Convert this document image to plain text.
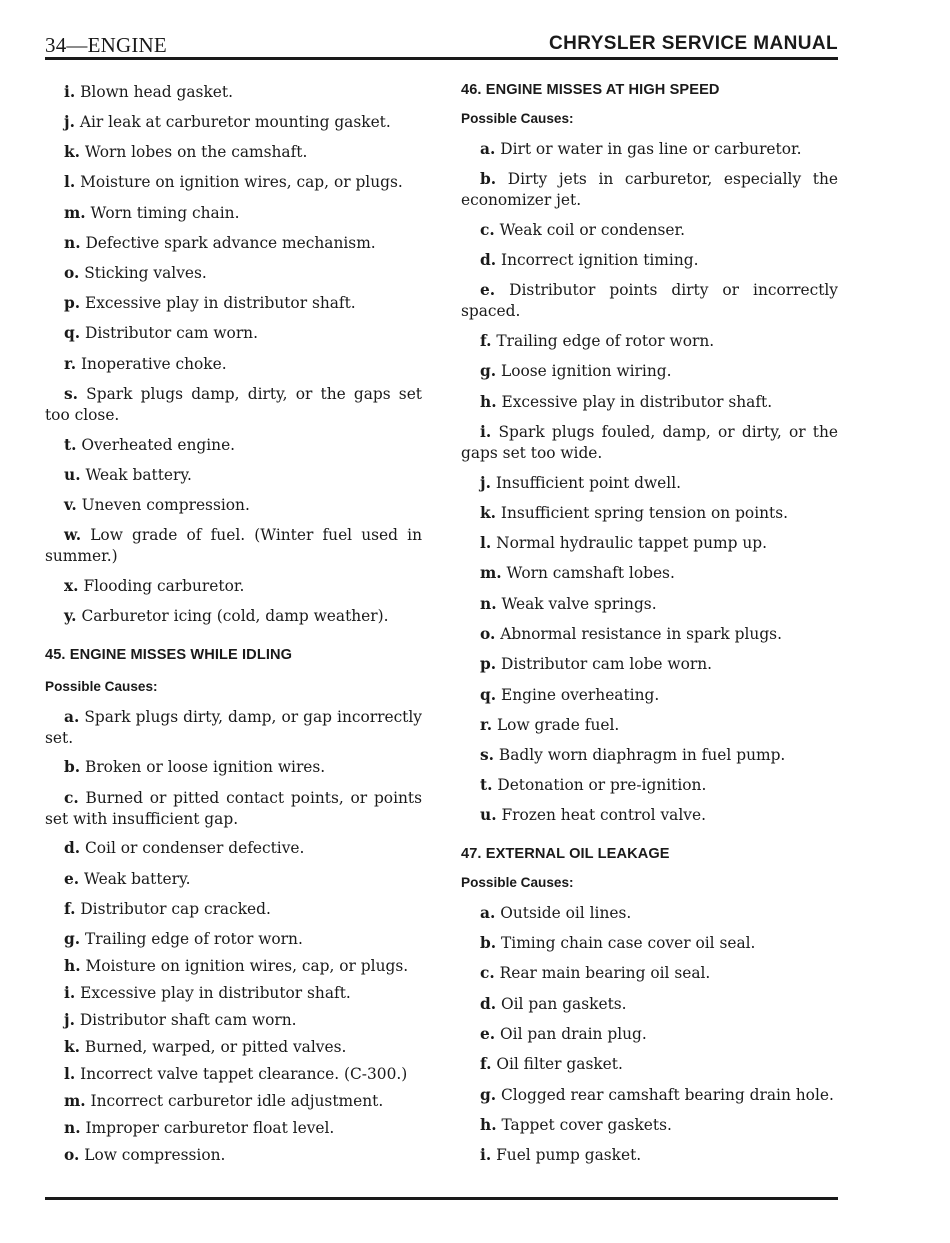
34—ENGINE	CHRYSLER SERVICE MANUAL
i. Blown head gasket.
j. Air leak at carburetor mounting gasket.
k. Worn lobes on the camshaft.
l. Moisture on ignition wires, cap, or plugs.
m. Worn timing chain.
n. Defective spark advance mechanism.
o. Sticking valves.
p. Excessive play in distributor shaft.
q. Distributor cam worn.
r. Inoperative choke.
s. Spark plugs damp, dirty, or the gaps set too close.
t. Overheated engine.
u. Weak battery.
v. Uneven compression.
w. Low grade of fuel. (Winter fuel used in summer.)
x. Flooding carburetor.
y. Carburetor icing (cold, damp weather).
45. ENGINE MISSES WHILE IDLING
Possible Causes:
a. Spark plugs dirty, damp, or gap incorrectly set.
b. Broken or loose ignition wires.
c. Burned or pitted contact points, or points set with insufficient gap.
d. Coil or condenser defective.
e. Weak battery.
f. Distributor cap cracked.
g. Trailing edge of rotor worn.
h. Moisture on ignition wires, cap, or plugs.
i. Excessive play in distributor shaft.
j. Distributor shaft cam worn.
k. Burned, warped, or pitted valves.
l. Incorrect valve tappet clearance. (C-300.)
m. Incorrect carburetor idle adjustment.
n. Improper carburetor float level.
o. Low compression.
46. ENGINE MISSES AT HIGH SPEED
Possible Causes:
a. Dirt or water in gas line or carburetor.
b. Dirty jets in carburetor, especially the economizer jet.
c. Weak coil or condenser.
d. Incorrect ignition timing.
e. Distributor points dirty or incorrectly spaced.
f. Trailing edge of rotor worn.
g. Loose ignition wiring.
h. Excessive play in distributor shaft.
i. Spark plugs fouled, damp, or dirty, or the gaps set too wide.
j. Insufficient point dwell.
k. Insufficient spring tension on points.
l. Normal hydraulic tappet pump up.
m. Worn camshaft lobes.
n. Weak valve springs.
o. Abnormal resistance in spark plugs.
p. Distributor cam lobe worn.
q. Engine overheating.
r. Low grade fuel.
s. Badly worn diaphragm in fuel pump.
t. Detonation or pre-ignition.
u. Frozen heat control valve.
47. EXTERNAL OIL LEAKAGE
Possible Causes:
a. Outside oil lines.
b. Timing chain case cover oil seal.
c. Rear main bearing oil seal.
d. Oil pan gaskets.
e. Oil pan drain plug.
f. Oil filter gasket.
g. Clogged rear camshaft bearing drain hole.
h. Tappet cover gaskets.
i. Fuel pump gasket.
